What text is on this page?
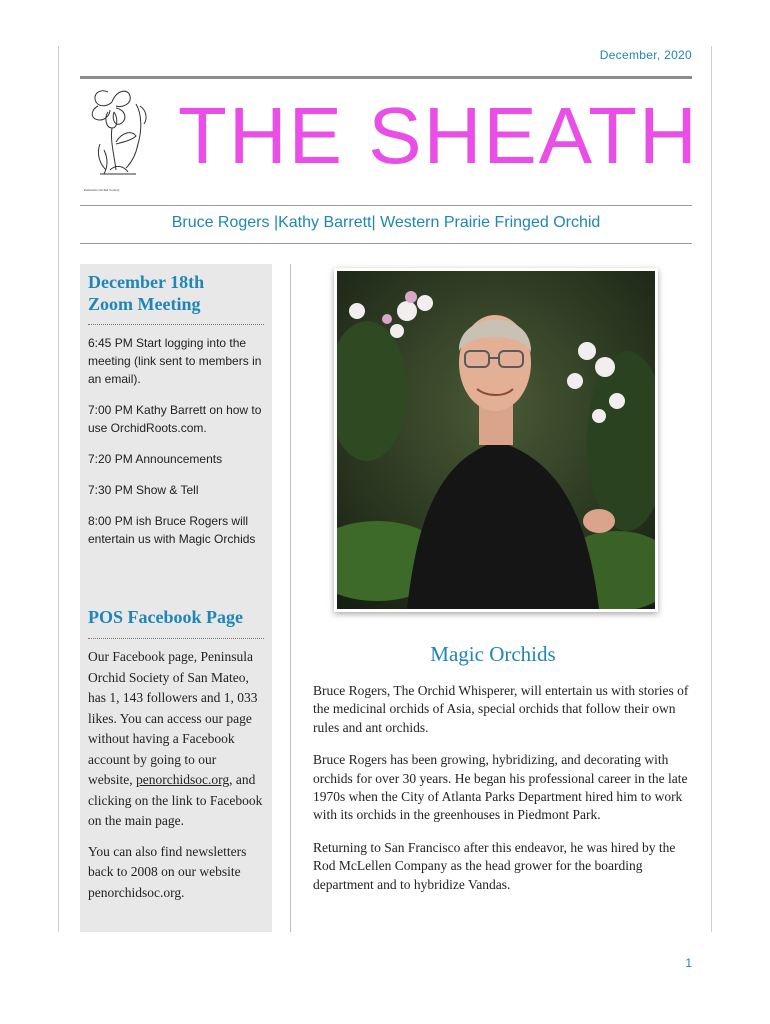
December, 2020
Peninsula Orchid Society
THE SHEATH
Bruce Rogers |Kathy Barrett| Western Prairie Fringed Orchid
December 18th
Zoom Meeting

6:45 PM Start logging into the meeting (link sent to members in an email).

7:00 PM Kathy Barrett on how to use OrchidRoots.com.

7:20 PM Announcements

7:30 PM Show & Tell

8:00 PM ish Bruce Rogers will entertain us with Magic Orchids

POS Facebook Page

Our Facebook page, Peninsula Orchid Society of San Mateo, has 1, 143 followers and 1, 033 likes. You can access our page without having a Facebook account by going to our website, penorchidsoc.org, and clicking on the link to Facebook on the main page.

You can also find newsletters back to 2008 on our website penorchidsoc.org.

Magic Orchids

Bruce Rogers, The Orchid Whisperer, will entertain us with stories of the medicinal orchids of Asia, special orchids that follow their own rules and ant orchids.

Bruce Rogers has been growing, hybridizing, and decorating with orchids for over 30 years. He began his professional career in the late 1970s when the City of Atlanta Parks Department hired him to work with its orchids in the greenhouses in Piedmont Park.

Returning to San Francisco after this endeavor, he was hired by the Rod McLellen Company as the head grower for the boarding department and to hybridize Vandas.

1
